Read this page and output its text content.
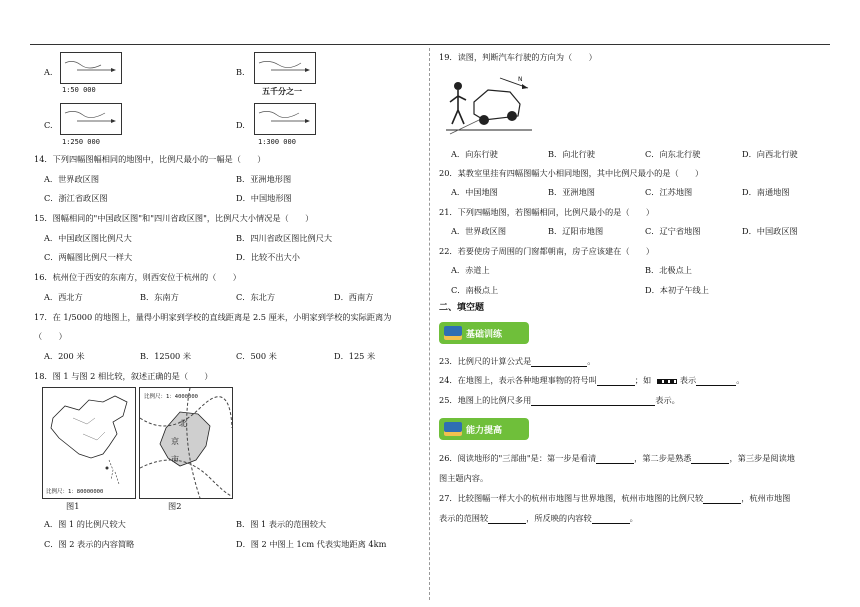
A.
1:50 000
B.
五千分之一
C.
1:250 000
D.
1:300 000
14．下列四幅图幅相同的地图中，比例尺最小的一幅是（　　）
A．世界政区图	B．亚洲地形图
C．浙江省政区图	D．中国地形图
15．图幅相同的"中国政区图"和"四川省政区图"，比例尺大小情况是（　　）
A．中国政区图比例尺大	B．四川省政区图比例尺大
C．两幅图比例尺一样大	D．比较不出大小
16．杭州位于西安的东南方，则西安位于杭州的（　　）
A．西北方	B．东南方	C．东北方	D．西南方
17．在 1/5000 的地图上，量得小明家到学校的直线距离是 2.5 厘米，小明家到学校的实际距离为
（　　）
A．200 米	B．12500 米	C．500 米	D．125 米
18．图 1 与图 2 相比较，叙述正确的是（　　）
比例尺：1：80000000
比例尺：1：4000000
北
京
市
图1	图2
A．图 1 的比例尺较大	B．图 1 表示的范围较大
C．图 2 表示的内容简略	D．图 2 中图上 1cm 代表实地距离 4km
19．读图，判断汽车行驶的方向为（　　）
N
A．向东行驶	B．向北行驶	C．向东北行驶	D．向西北行驶
20．某教室里挂有四幅图幅大小相同地图，其中比例尺最小的是（　　）
A．中国地图	B．亚洲地图	C．江苏地图	D．南通地图
21．下列四幅地图，若图幅相同，比例尺最小的是（　　）
A．世界政区图	B．辽阳市地图	C．辽宁省地图	D．中国政区图
22．若要使房子周围的门窗都朝南，房子应该建在（　　）
A．赤道上	B．北极点上
C．南极点上	D．本初子午线上
二、填空题
基础训练
23．比例尺的计算公式是	。
24．在地图上，表示各种地理事物的符号叫	；如	表示	。
25．地图上的比例尺多用	表示。
能力提高
26．阅读地形的"三部曲"是：第一步是看清	，第二步是熟悉	，第三步是阅读地
图主题内容。
27．比较图幅一样大小的杭州市地图与世界地图，杭州市地图的比例尺较	，杭州市地图
表示的范围较	，所反映的内容较	。
